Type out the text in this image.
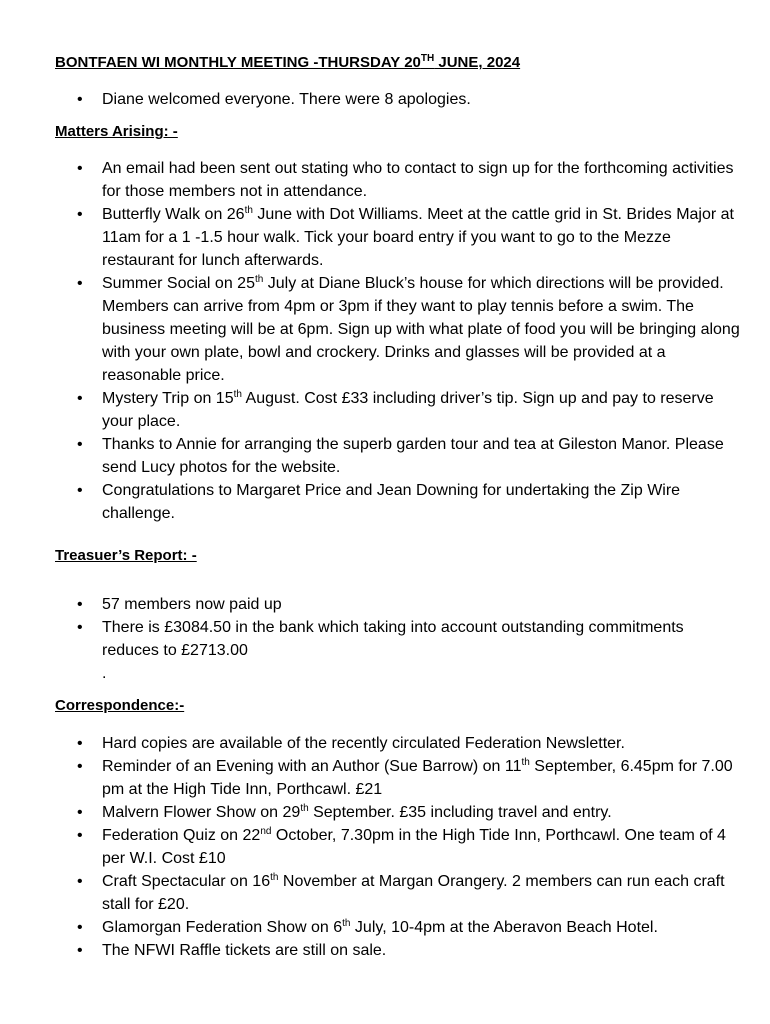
BONTFAEN WI MONTHLY MEETING -THURSDAY 20TH JUNE, 2024
• Diane welcomed everyone. There were 8 apologies.
Matters Arising: -
• An email had been sent out stating who to contact to sign up for the forthcoming activities for those members not in attendance.
• Butterfly Walk on 26th June with Dot Williams. Meet at the cattle grid in St. Brides Major at 11am for a 1 -1.5 hour walk. Tick your board entry if you want to go to the Mezze restaurant for lunch afterwards.
• Summer Social on 25th July at Diane Bluck’s house for which directions will be provided. Members can arrive from 4pm or 3pm if they want to play tennis before a swim. The business meeting will be at 6pm. Sign up with what plate of food you will be bringing along with your own plate, bowl and crockery. Drinks and glasses will be provided at a reasonable price.
• Mystery Trip on 15th August. Cost £33 including driver’s tip. Sign up and pay to reserve your place.
• Thanks to Annie for arranging the superb garden tour and tea at Gileston Manor. Please send Lucy photos for the website.
• Congratulations to Margaret Price and Jean Downing for undertaking the Zip Wire challenge.
Treasuer’s Report: -
• 57 members now paid up
• There is £3084.50 in the bank which taking into account outstanding commitments reduces to £2713.00
.
Correspondence:-
• Hard copies are available of the recently circulated Federation Newsletter.
• Reminder of an Evening with an Author (Sue Barrow) on 11th September, 6.45pm for 7.00 pm at the High Tide Inn, Porthcawl. £21
• Malvern Flower Show on 29th September. £35 including travel and entry.
• Federation Quiz on 22nd October, 7.30pm in the High Tide Inn, Porthcawl. One team of 4 per W.I. Cost £10
• Craft Spectacular on 16th November at Margan Orangery. 2 members can run each craft stall for £20.
• Glamorgan Federation Show on 6th July, 10-4pm at the Aberavon Beach Hotel.
• The NFWI Raffle tickets are still on sale.
